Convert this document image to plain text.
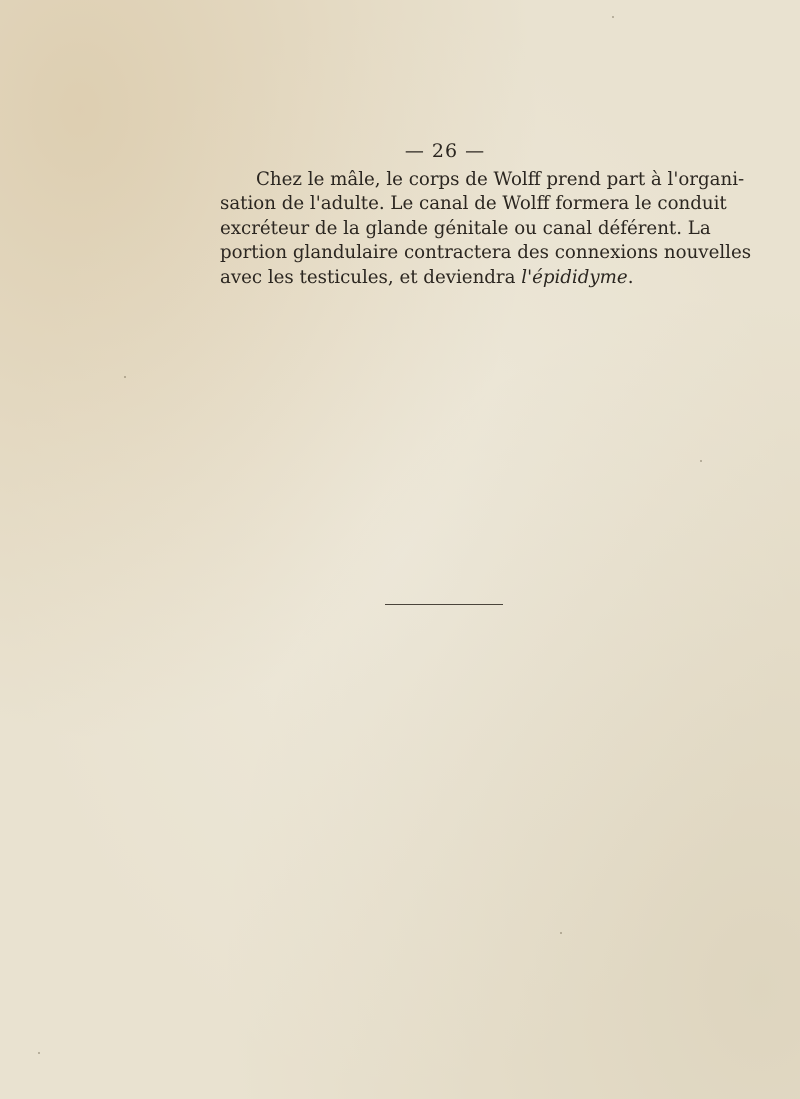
— 26 —
Chez le mâle, le corps de Wolff prend part à l'organi-
sation de l'adulte. Le canal de Wolff formera le conduit
excréteur de la glande génitale ou canal déférent. La
portion glandulaire contractera des connexions nouvelles
avec les testicules, et deviendra l'épididyme.
